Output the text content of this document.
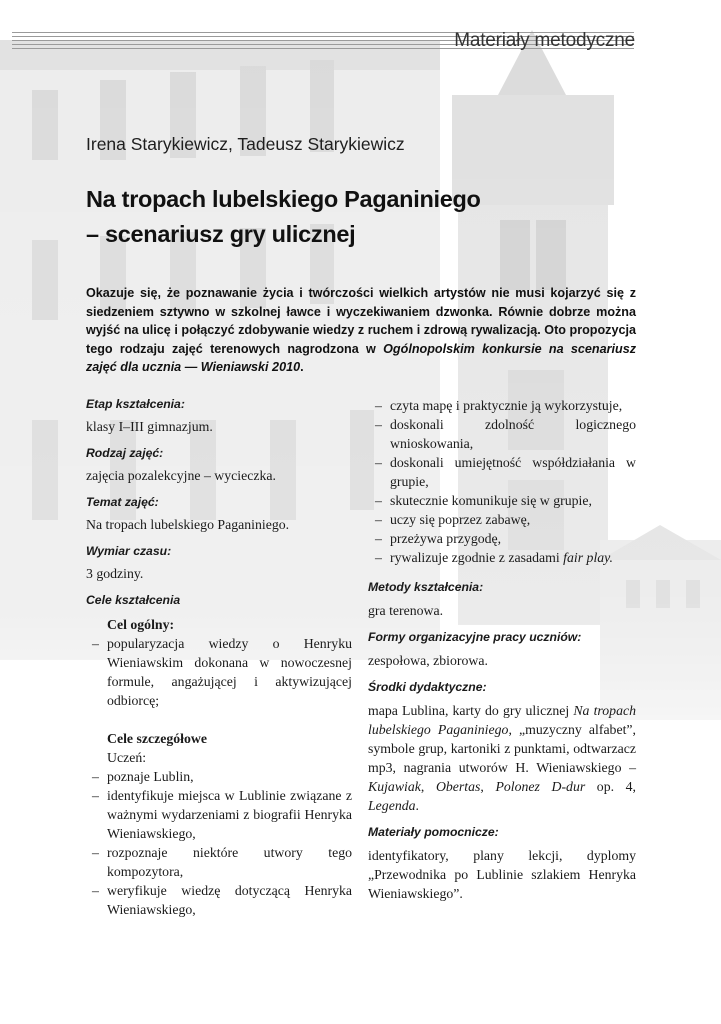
Materiały metodyczne
Irena Starykiewicz, Tadeusz Starykiewicz
Na tropach lubelskiego Paganiniego
– scenariusz gry ulicznej
Okazuje się, że poznawanie życia i twórczości wielkich artystów nie musi kojarzyć się z siedzeniem sztywno w szkolnej ławce i wyczekiwaniem dzwonka. Równie dobrze można wyjść na ulicę i połączyć zdobywanie wiedzy z ruchem i zdrową rywalizacją. Oto propozycja tego rodzaju zajęć terenowych nagrodzona w Ogólnopolskim konkursie na scenariusz zajęć dla ucznia — Wieniawski 2010.
Etap kształcenia:
klasy I–III gimnazjum.
Rodzaj zajęć:
zajęcia pozalekcyjne – wycieczka.
Temat zajęć:
Na tropach lubelskiego Paganiniego.
Wymiar czasu:
3 godziny.
Cele kształcenia
Cel ogólny:
– popularyzacja wiedzy o Henryku Wieniawskim dokonana w nowoczesnej formule, angażującej i aktywizującej odbiorcę;
Cele szczegółowe
Uczeń:
– poznaje Lublin,
– identyfikuje miejsca w Lublinie związane z ważnymi wydarzeniami z biografii Henryka Wieniawskiego,
– rozpoznaje niektóre utwory tego kompozytora,
– weryfikuje wiedzę dotyczącą Henryka Wieniawskiego,
– czyta mapę i praktycznie ją wykorzystuje,
– doskonali zdolność logicznego wnioskowania,
– doskonali umiejętność współdziałania w grupie,
– skutecznie komunikuje się w grupie,
– uczy się poprzez zabawę,
– przeżywa przygodę,
– rywalizuje zgodnie z zasadami fair play.
Metody kształcenia:
gra terenowa.
Formy organizacyjne pracy uczniów:
zespołowa, zbiorowa.
Środki dydaktyczne:
mapa Lublina, karty do gry ulicznej Na tropach lubelskiego Paganiniego, „muzyczny alfabet”, symbole grup, kartoniki z punktami, odtwarzacz mp3, nagrania utworów H. Wieniawskiego – Kujawiak, Obertas, Polonez D-dur op. 4, Legenda.
Materiały pomocnicze:
identyfikatory, plany lekcji, dyplomy „Przewodnika po Lublinie szlakiem Henryka Wieniawskiego”.
